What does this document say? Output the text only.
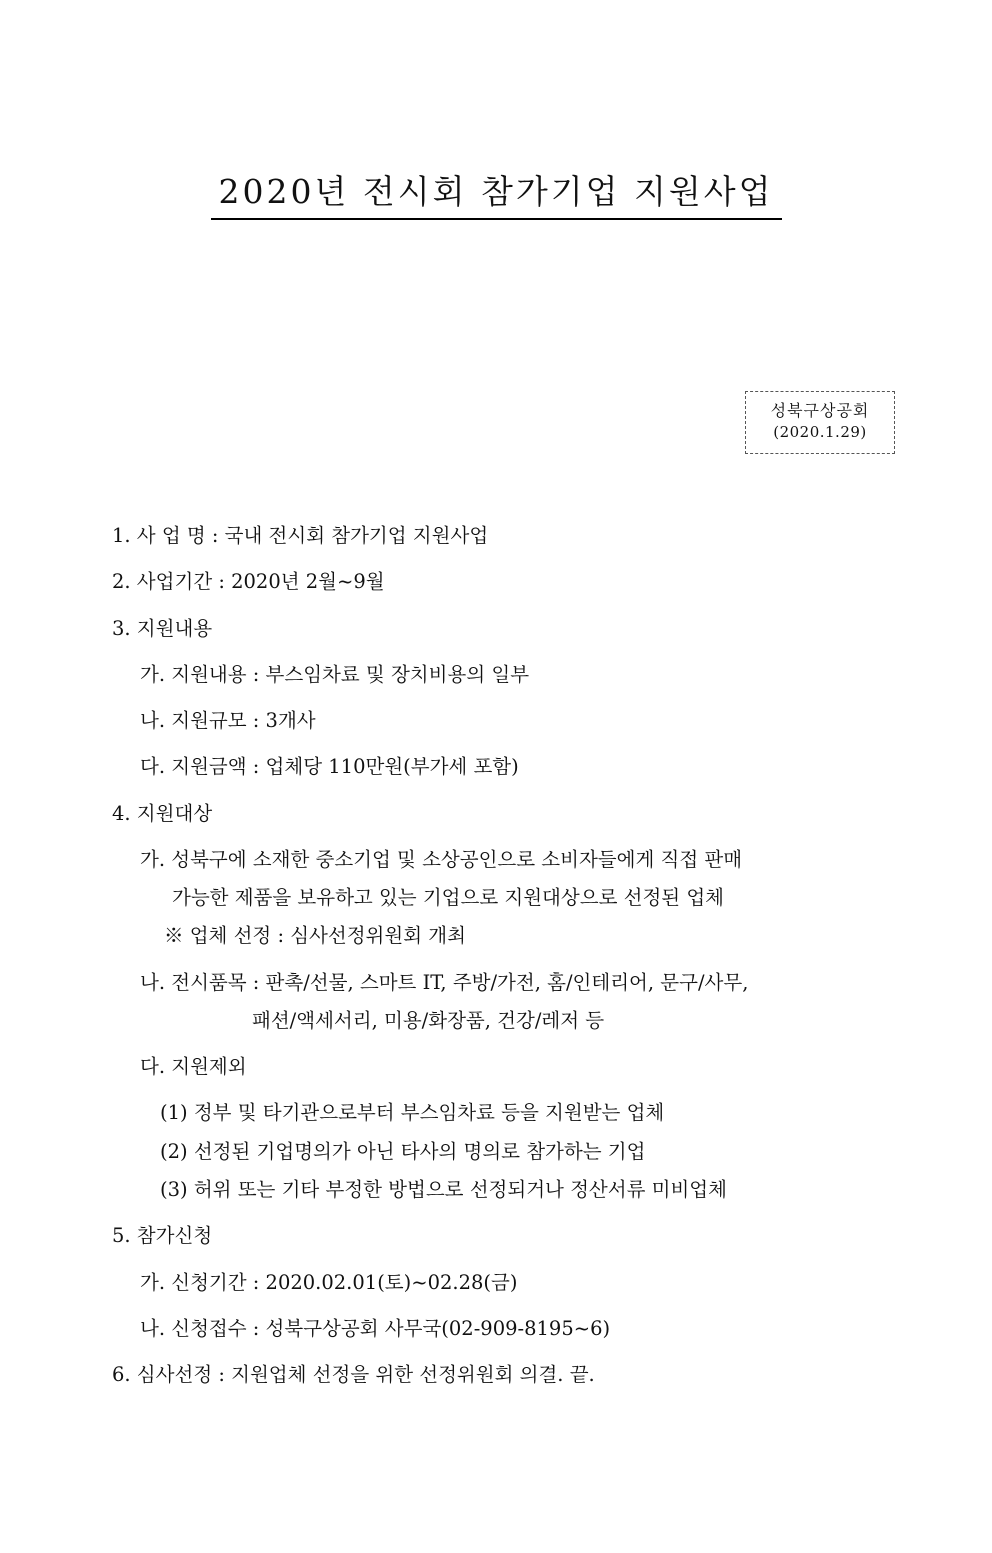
2020년 전시회 참가기업 지원사업
성북구상공회
(2020.1.29)
1. 사 업 명 : 국내 전시회 참가기업 지원사업
2. 사업기간 : 2020년 2월~9월
3. 지원내용
가. 지원내용 : 부스임차료 및 장치비용의 일부
나. 지원규모 : 3개사
다. 지원금액 : 업체당 110만원(부가세 포함)
4. 지원대상
가. 성북구에 소재한 중소기업 및 소상공인으로 소비자들에게 직접 판매
가능한 제품을 보유하고 있는 기업으로 지원대상으로 선정된 업체
※ 업체 선정 : 심사선정위원회 개최
나. 전시품목 : 판촉/선물, 스마트 IT, 주방/가전, 홈/인테리어, 문구/사무,
패션/액세서리, 미용/화장품, 건강/레저 등
다. 지원제외
(1) 정부 및 타기관으로부터 부스임차료 등을 지원받는 업체
(2) 선정된 기업명의가 아닌 타사의 명의로 참가하는 기업
(3) 허위 또는 기타 부정한 방법으로 선정되거나 정산서류 미비업체
5. 참가신청
가. 신청기간 : 2020.02.01(토)~02.28(금)
나. 신청접수 : 성북구상공회 사무국(02-909-8195~6)
6. 심사선정 : 지원업체 선정을 위한 선정위원회 의결. 끝.
